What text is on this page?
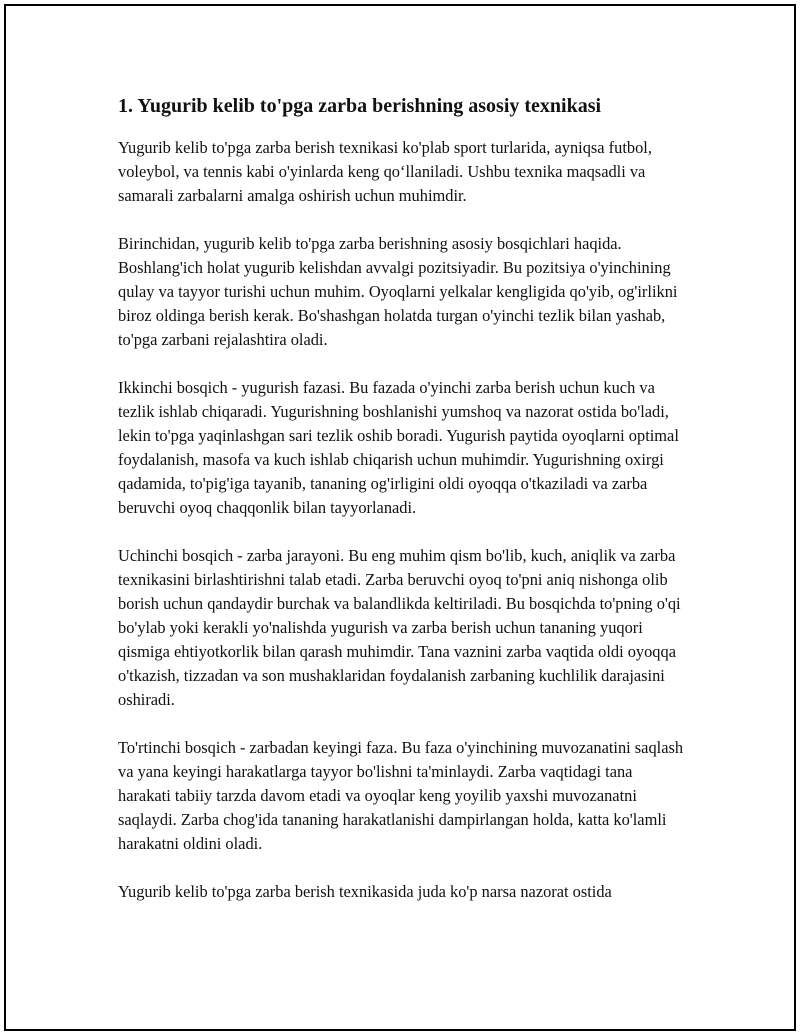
1. Yugurib kelib to'pga zarba berishning asosiy texnikasi

Yugurib kelib to'pga zarba berish texnikasi ko'plab sport turlarida, ayniqsa futbol, voleybol, va tennis kabi o'yinlarda keng qo‘llaniladi. Ushbu texnika maqsadli va samarali zarbalarni amalga oshirish uchun muhimdir.

Birinchidan, yugurib kelib to'pga zarba berishning asosiy bosqichlari haqida. Boshlang'ich holat yugurib kelishdan avvalgi pozitsiyadir. Bu pozitsiya o'yinchining qulay va tayyor turishi uchun muhim. Oyoqlarni yelkalar kengligida qo'yib, og'irlikni biroz oldinga berish kerak. Bo'shashgan holatda turgan o'yinchi tezlik bilan yashab, to'pga zarbani rejalashtira oladi.

Ikkinchi bosqich - yugurish fazasi. Bu fazada o'yinchi zarba berish uchun kuch va tezlik ishlab chiqaradi. Yugurishning boshlanishi yumshoq va nazorat ostida bo'ladi, lekin to'pga yaqinlashgan sari tezlik oshib boradi. Yugurish paytida oyoqlarni optimal foydalanish, masofa va kuch ishlab chiqarish uchun muhimdir. Yugurishning oxirgi qadamida, to'pig'iga tayanib, tananing og'irligini oldi oyoqqa o'tkaziladi va zarba beruvchi oyoq chaqqonlik bilan tayyorlanadi.

Uchinchi bosqich - zarba jarayoni. Bu eng muhim qism bo'lib, kuch, aniqlik va zarba texnikasini birlashtirishni talab etadi. Zarba beruvchi oyoq to'pni aniq nishonga olib borish uchun qandaydir burchak va balandlikda keltiriladi. Bu bosqichda to'pning o'qi bo'ylab yoki kerakli yo'nalishda yugurish va zarba berish uchun tananing yuqori qismiga ehtiyotkorlik bilan qarash muhimdir. Tana vaznini zarba vaqtida oldi oyoqqa o'tkazish, tizzadan va son mushaklaridan foydalanish zarbaning kuchlilik darajasini oshiradi.

To'rtinchi bosqich - zarbadan keyingi faza. Bu faza o'yinchining muvozanatini saqlash va yana keyingi harakatlarga tayyor bo'lishni ta'minlaydi. Zarba vaqtidagi tana harakati tabiiy tarzda davom etadi va oyoqlar keng yoyilib yaxshi muvozanatni saqlaydi. Zarba chog'ida tananing harakatlanishi dampirlangan holda, katta ko'lamli harakatni oldini oladi.

Yugurib kelib to'pga zarba berish texnikasida juda ko'p narsa nazorat ostida
